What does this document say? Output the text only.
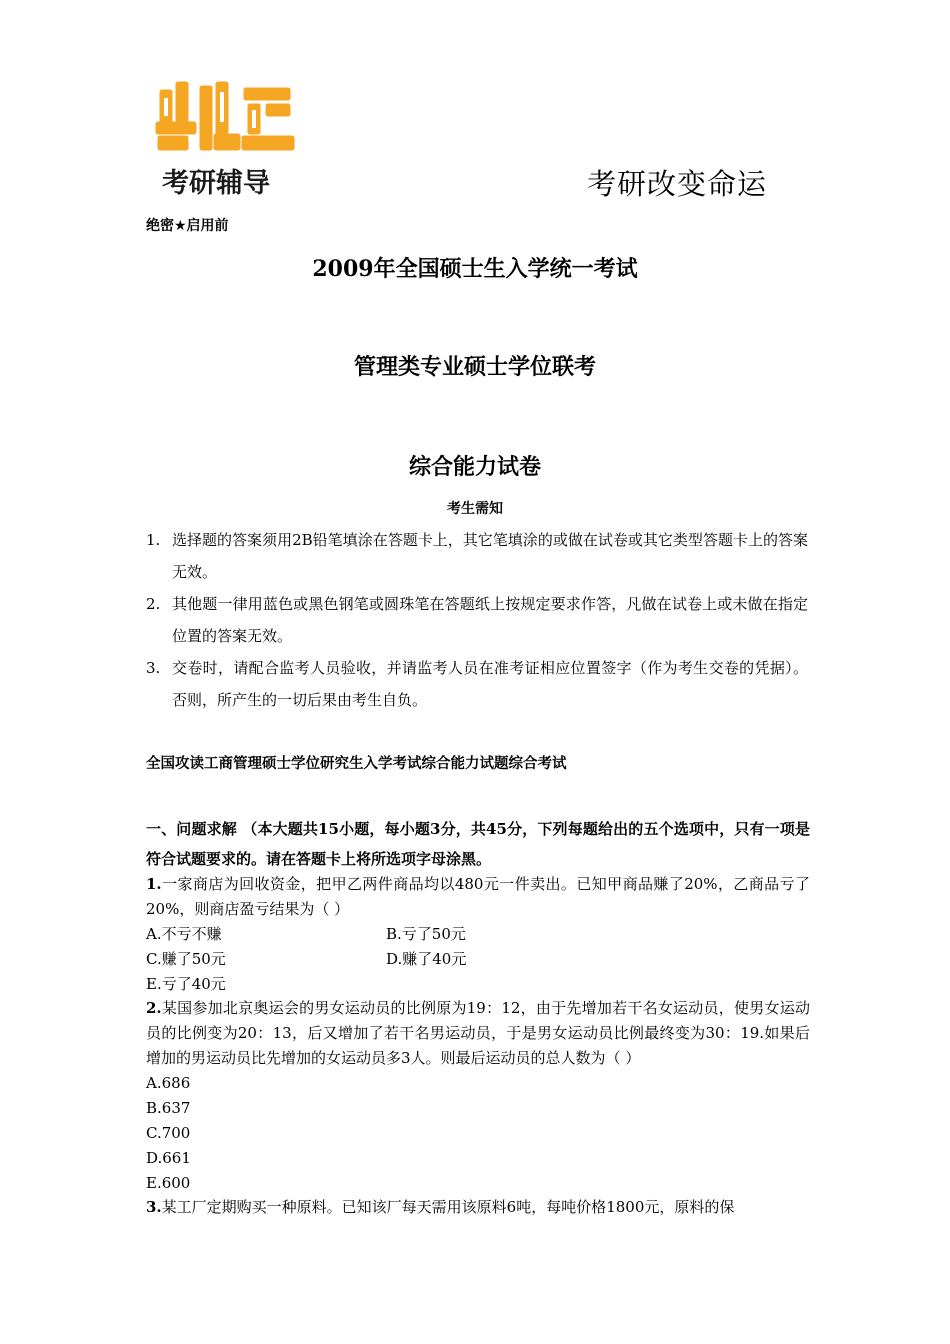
考研辅导	考研改变命运
绝密★启用前
2009年全国硕士生入学统一考试
管理类专业硕士学位联考
综合能力试卷
考生需知
1. 选择题的答案须用2B铅笔填涂在答题卡上，其它笔填涂的或做在试卷或其它类型答题卡上的答案无效。
2. 其他题一律用蓝色或黑色钢笔或圆珠笔在答题纸上按规定要求作答，凡做在试卷上或未做在指定位置的答案无效。
3. 交卷时，请配合监考人员验收，并请监考人员在准考证相应位置签字（作为考生交卷的凭据）。否则，所产生的一切后果由考生自负。
全国攻读工商管理硕士学位研究生入学考试综合能力试题综合考试
一、问题求解 （本大题共15小题，每小题3分，共45分，下列每题给出的五个选项中，只有一项是符合试题要求的。请在答题卡上将所选项字母涂黑。
1.一家商店为回收资金，把甲乙两件商品均以480元一件卖出。已知甲商品赚了20%，乙商品亏了20%，则商店盈亏结果为（ ）
A.不亏不赚	B.亏了50元
C.赚了50元	D.赚了40元
E.亏了40元
2.某国参加北京奥运会的男女运动员的比例原为19：12，由于先增加若干名女运动员，使男女运动员的比例变为20：13，后又增加了若干名男运动员，于是男女运动员比例最终变为30：19.如果后增加的男运动员比先增加的女运动员多3人。则最后运动员的总人数为（ ）
A.686
B.637
C.700
D.661
E.600
3.某工厂定期购买一种原料。已知该厂每天需用该原料6吨，每吨价格1800元，原料的保
